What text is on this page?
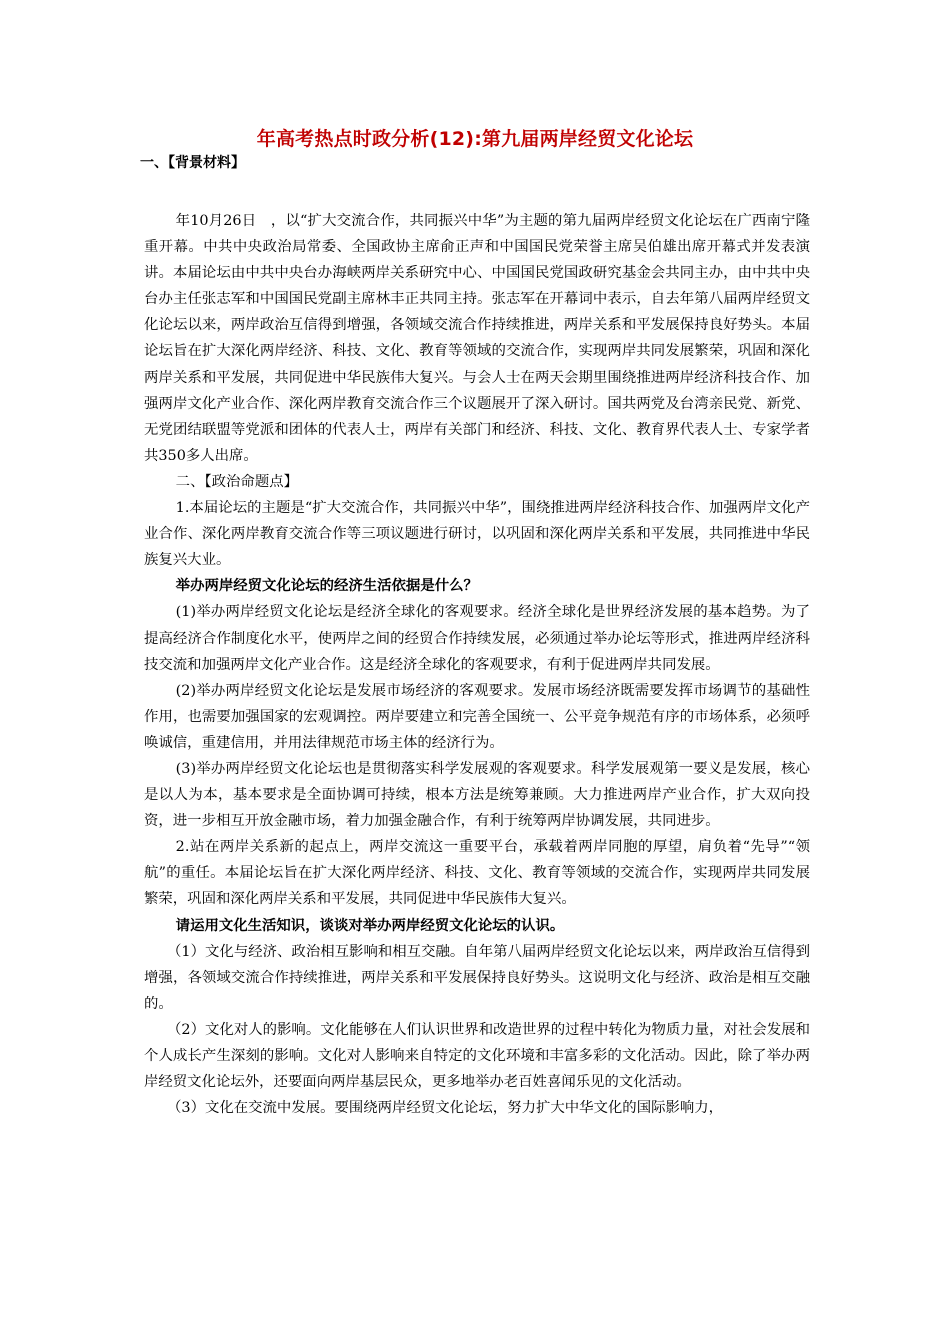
年高考热点时政分析(12):第九届两岸经贸文化论坛
一、【背景材料】

年10月26日　，以“扩大交流合作，共同振兴中华”为主题的第九届两岸经贸文化论坛在广西南宁隆重开幕。中共中央政治局常委、全国政协主席俞正声和中国国民党荣誉主席吴伯雄出席开幕式并发表演讲。本届论坛由中共中央台办海峡两岸关系研究中心、中国国民党国政研究基金会共同主办，由中共中央台办主任张志军和中国国民党副主席林丰正共同主持。张志军在开幕词中表示，自去年第八届两岸经贸文化论坛以来，两岸政治互信得到增强，各领域交流合作持续推进，两岸关系和平发展保持良好势头。本届论坛旨在扩大深化两岸经济、科技、文化、教育等领域的交流合作，实现两岸共同发展繁荣，巩固和深化两岸关系和平发展，共同促进中华民族伟大复兴。与会人士在两天会期里围绕推进两岸经济科技合作、加强两岸文化产业合作、深化两岸教育交流合作三个议题展开了深入研讨。国共两党及台湾亲民党、新党、无党团结联盟等党派和团体的代表人士，两岸有关部门和经济、科技、文化、教育界代表人士、专家学者共350多人出席。

二、【政治命题点】

1.本届论坛的主题是“扩大交流合作，共同振兴中华”，围绕推进两岸经济科技合作、加强两岸文化产业合作、深化两岸教育交流合作等三项议题进行研讨，以巩固和深化两岸关系和平发展，共同推进中华民族复兴大业。

举办两岸经贸文化论坛的经济生活依据是什么？

(1)举办两岸经贸文化论坛是经济全球化的客观要求。经济全球化是世界经济发展的基本趋势。为了提高经济合作制度化水平，使两岸之间的经贸合作持续发展，必须通过举办论坛等形式，推进两岸经济科技交流和加强两岸文化产业合作。这是经济全球化的客观要求，有利于促进两岸共同发展。

(2)举办两岸经贸文化论坛是发展市场经济的客观要求。发展市场经济既需要发挥市场调节的基础性作用，也需要加强国家的宏观调控。两岸要建立和完善全国统一、公平竞争规范有序的市场体系，必须呼唤诚信，重建信用，并用法律规范市场主体的经济行为。

(3)举办两岸经贸文化论坛也是贯彻落实科学发展观的客观要求。科学发展观第一要义是发展，核心是以人为本，基本要求是全面协调可持续，根本方法是统筹兼顾。大力推进两岸产业合作，扩大双向投资，进一步相互开放金融市场，着力加强金融合作，有利于统筹两岸协调发展，共同进步。

2.站在两岸关系新的起点上，两岸交流这一重要平台，承载着两岸同胞的厚望，肩负着“先导”“领航”的重任。本届论坛旨在扩大深化两岸经济、科技、文化、教育等领域的交流合作，实现两岸共同发展繁荣，巩固和深化两岸关系和平发展，共同促进中华民族伟大复兴。

请运用文化生活知识，谈谈对举办两岸经贸文化论坛的认识。

（1）文化与经济、政治相互影响和相互交融。自年第八届两岸经贸文化论坛以来，两岸政治互信得到增强，各领域交流合作持续推进，两岸关系和平发展保持良好势头。这说明文化与经济、政治是相互交融的。

（2）文化对人的影响。文化能够在人们认识世界和改造世界的过程中转化为物质力量，对社会发展和个人成长产生深刻的影响。文化对人影响来自特定的文化环境和丰富多彩的文化活动。因此，除了举办两岸经贸文化论坛外，还要面向两岸基层民众，更多地举办老百姓喜闻乐见的文化活动。

（3）文化在交流中发展。要围绕两岸经贸文化论坛，努力扩大中华文化的国际影响力，
